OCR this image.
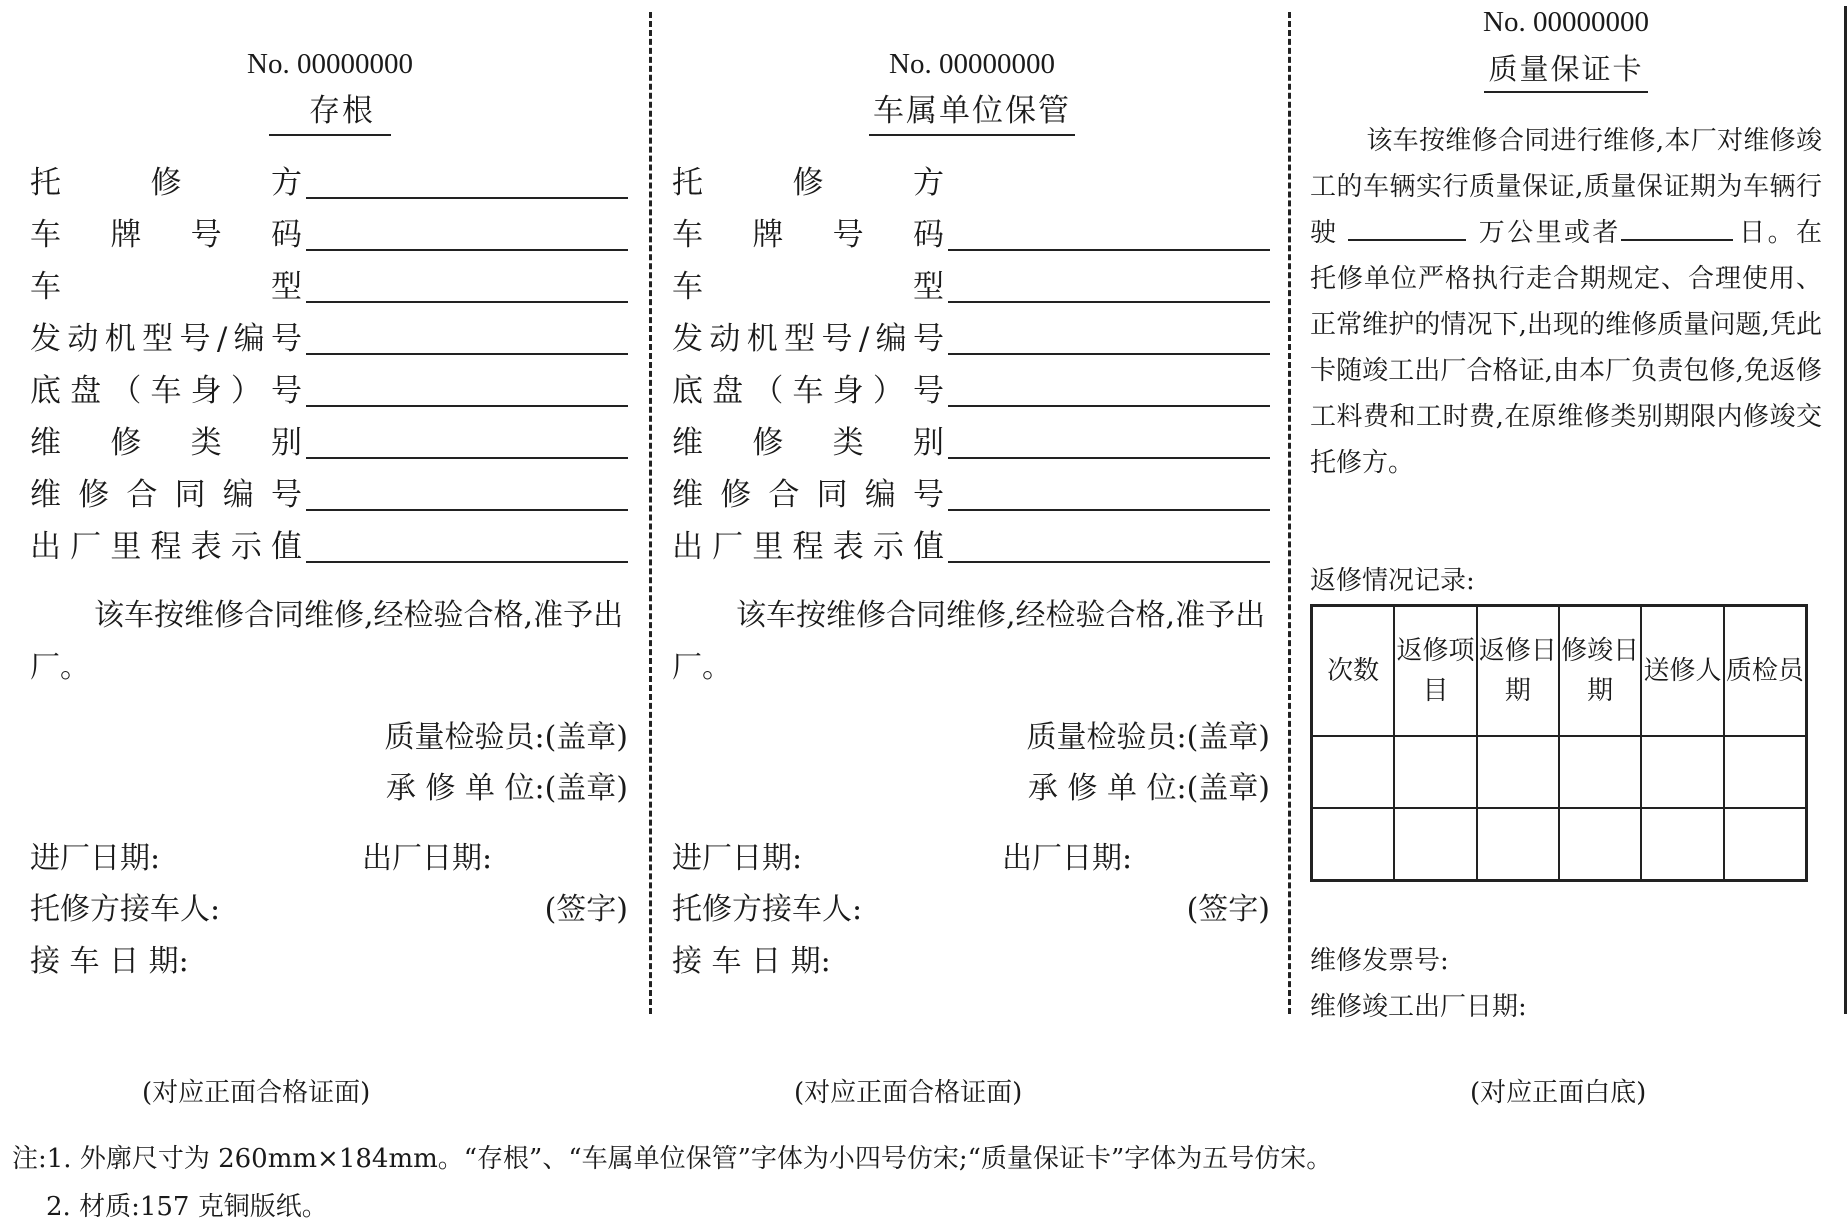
No. 00000000
存根
托修方
车牌号码
车型
发动机型号/编号
底盘（车身）号
维修类别
维修合同编号
出厂里程表示值
该车按维修合同维修,经检验合格,准予出厂。
质量检验员:(盖章)
承 修 单 位:(盖章)
进厂日期:	出厂日期:
托修方接车人:	(签字)
接 车 日 期:
(对应正面合格证面)
No. 00000000
车属单位保管
托修方
车牌号码
车型
发动机型号/编号
底盘（车身）号
维修类别
维修合同编号
出厂里程表示值
该车按维修合同维修,经检验合格,准予出厂。
质量检验员:(盖章)
承 修 单 位:(盖章)
进厂日期:	出厂日期:
托修方接车人:	(签字)
接 车 日 期:
(对应正面合格证面)
No. 00000000
质量保证卡
该车按维修合同进行维修,本厂对维修竣工的车辆实行质量保证,质量保证期为车辆行驶	万公里或者	日。在托修单位严格执行走合期规定、合理使用、正常维护的情况下,出现的维修质量问题,凭此卡随竣工出厂合格证,由本厂负责包修,免返修工料费和工时费,在原维修类别期限内修竣交托修方。
返修情况记录:
次数	返修项目	返修日期	修竣日期	送修人	质检员

维修发票号:
维修竣工出厂日期:
(对应正面白底)
注:1. 外廓尺寸为 260mm×184mm。“存根”、“车属单位保管”字体为小四号仿宋;“质量保证卡”字体为五号仿宋。
2. 材质:157 克铜版纸。
